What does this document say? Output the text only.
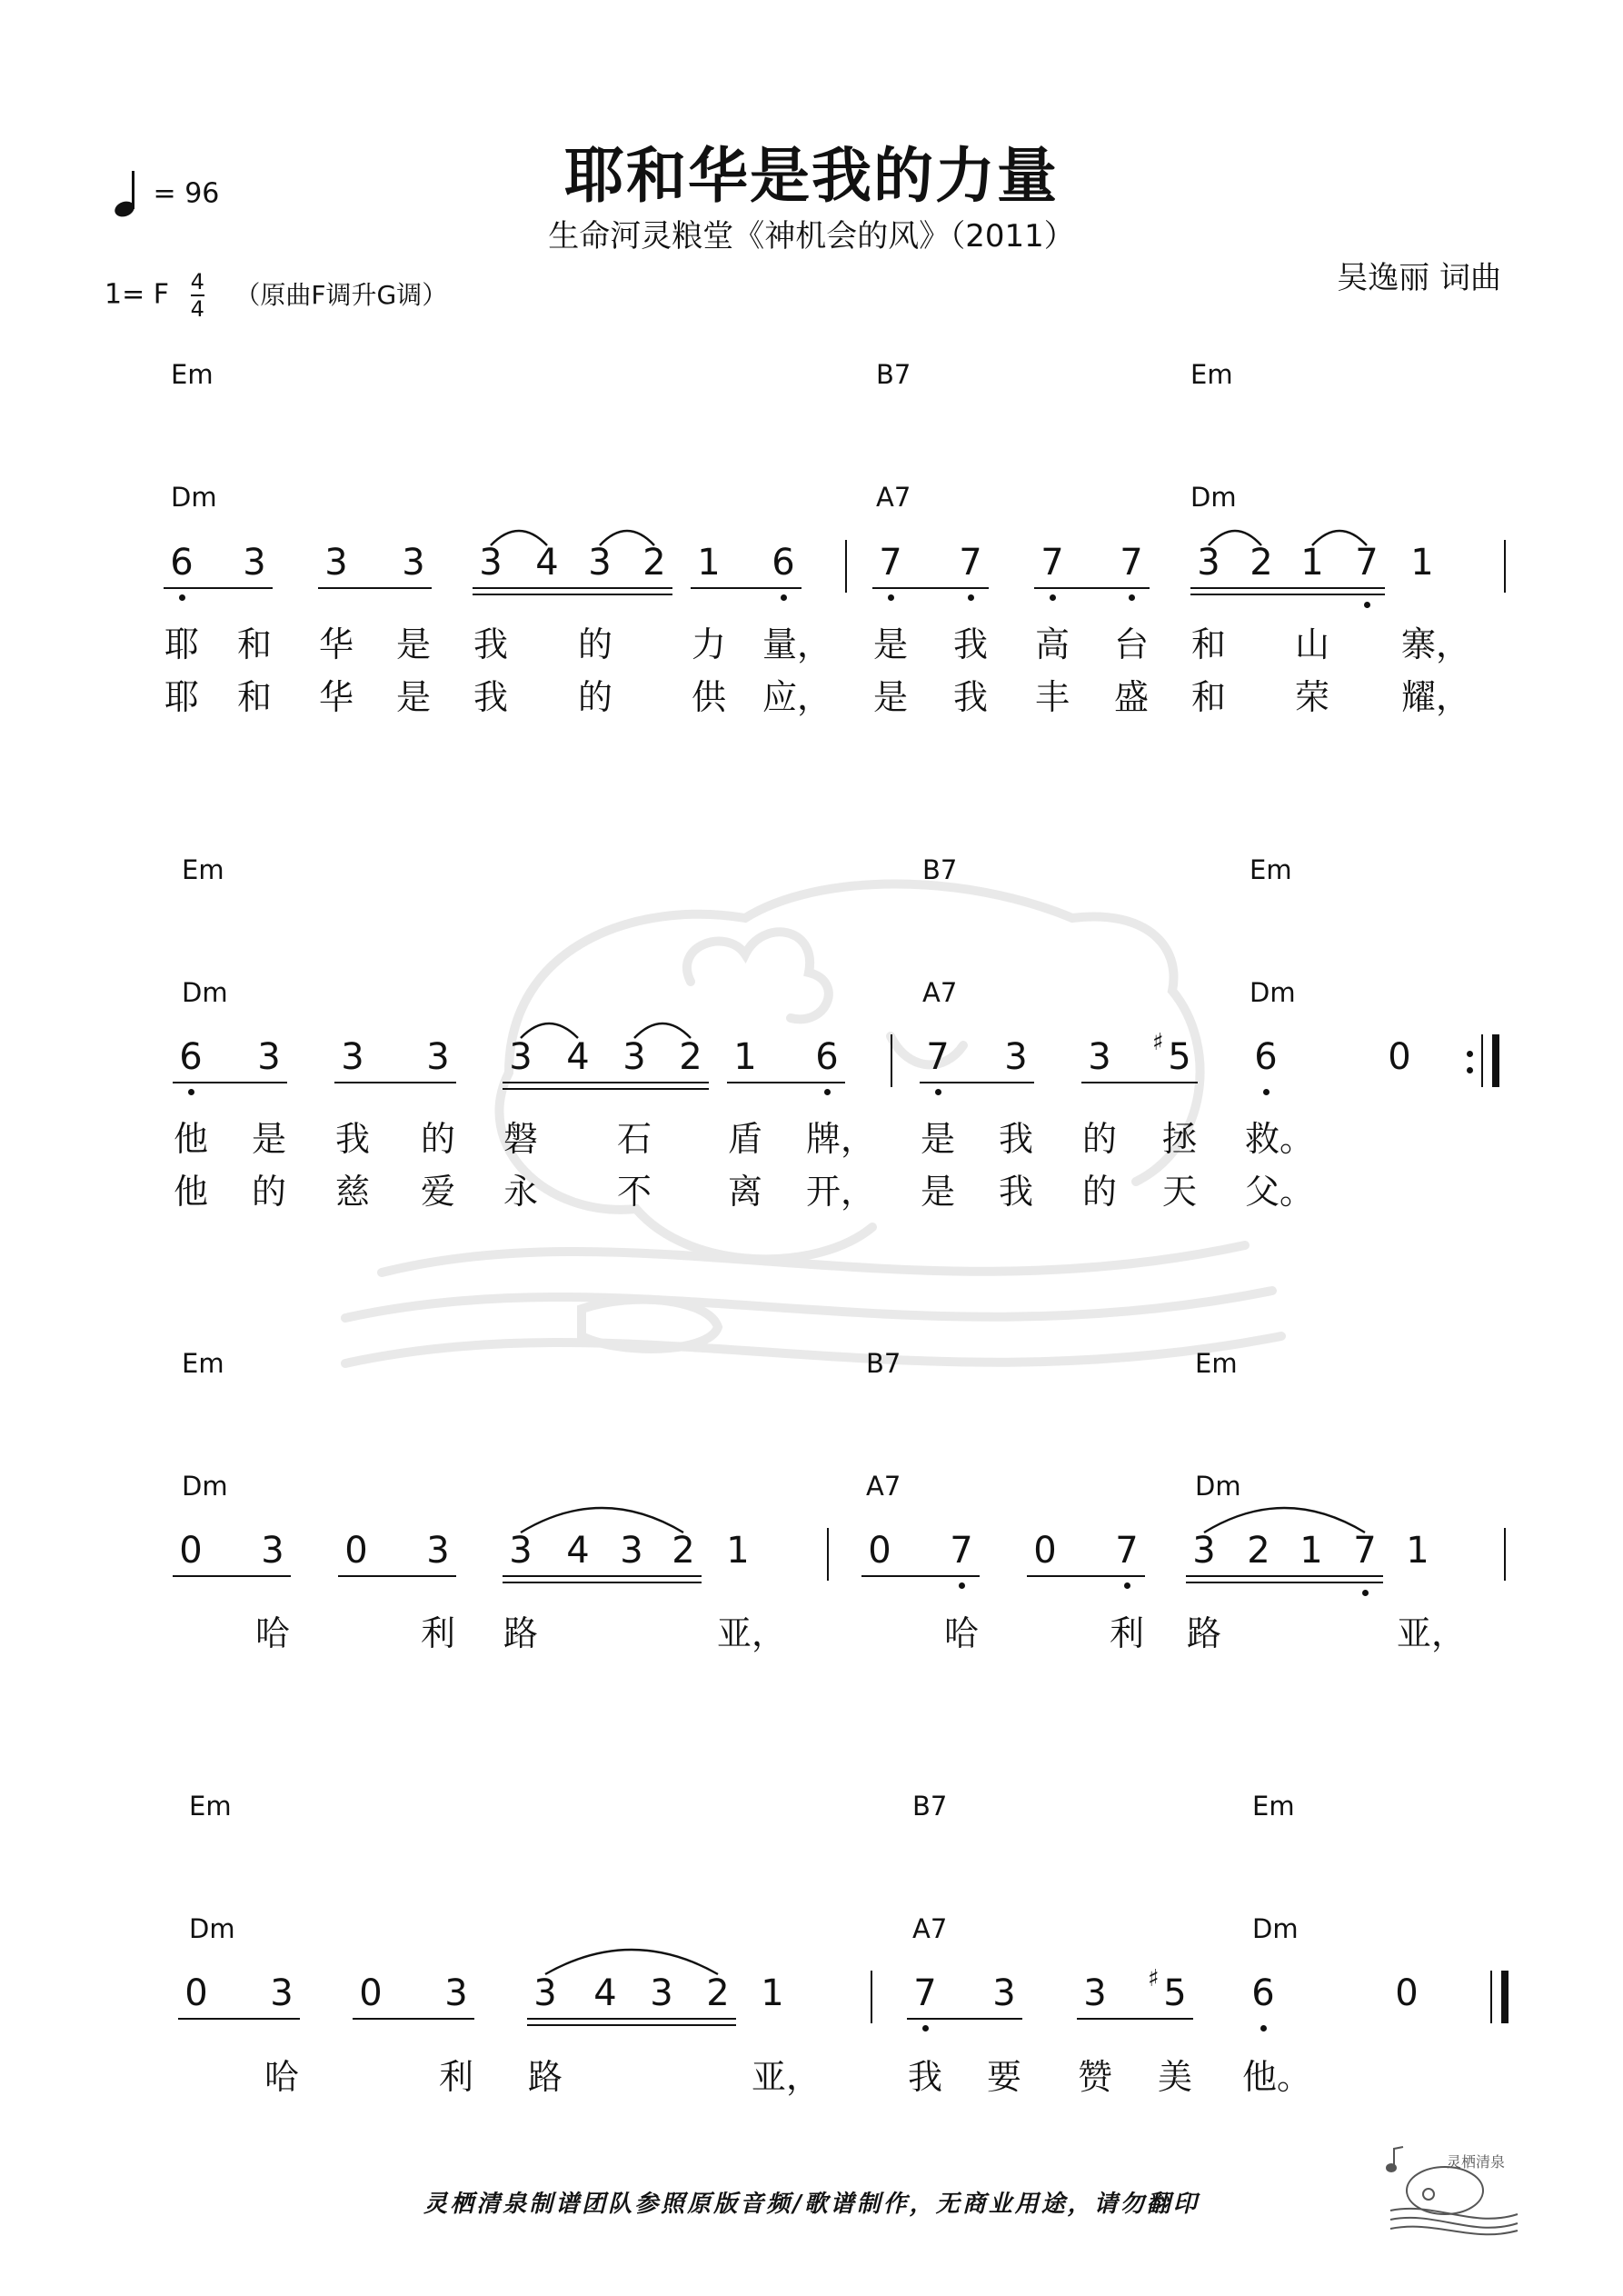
耶和华是我的力量
生命河灵粮堂《神机会的风》（2011）
吴逸丽 词曲
= 96
1= F $\frac{4}{4}$ （原曲F调升G调）
Em	B7	Em
Dm	A7	Dm
6 3 3 3 3 4 3 2 1 6 7 7 7 7 3 2 1 7 1
耶 和 华 是 我 的 力 量， 是 我 高 台 和 山 寨，
耶 和 华 是 我 的 供 应， 是 我 丰 盛 和 荣 耀，
Em	B7	Em
Dm	A7	Dm
6 3 3 3 3 4 3 2 1 6 7 3 3 5
♯ 6	0
他 是 我 的 磐 石 盾 牌， 是 我 的 拯 救。
他 的 慈 爱 永 不 离 开， 是 我 的 天 父。
Em	B7	Em
Dm	A7	Dm
0 3 0 3 3 4 3 2 1	0 7 0 7 3 2 1 7 1
哈	利 路	亚，	哈	利 路	亚，
Em	B7	Em
Dm	A7	Dm
0 3 0 3 3 4 3 2 1	7 3 3 5
♯	6	0
哈	利 路	亚，	我 要 赞 美 他。
灵栖清泉制谱团队参照原版音频/歌谱制作，无商业用途，请勿翻印
灵栖清泉
